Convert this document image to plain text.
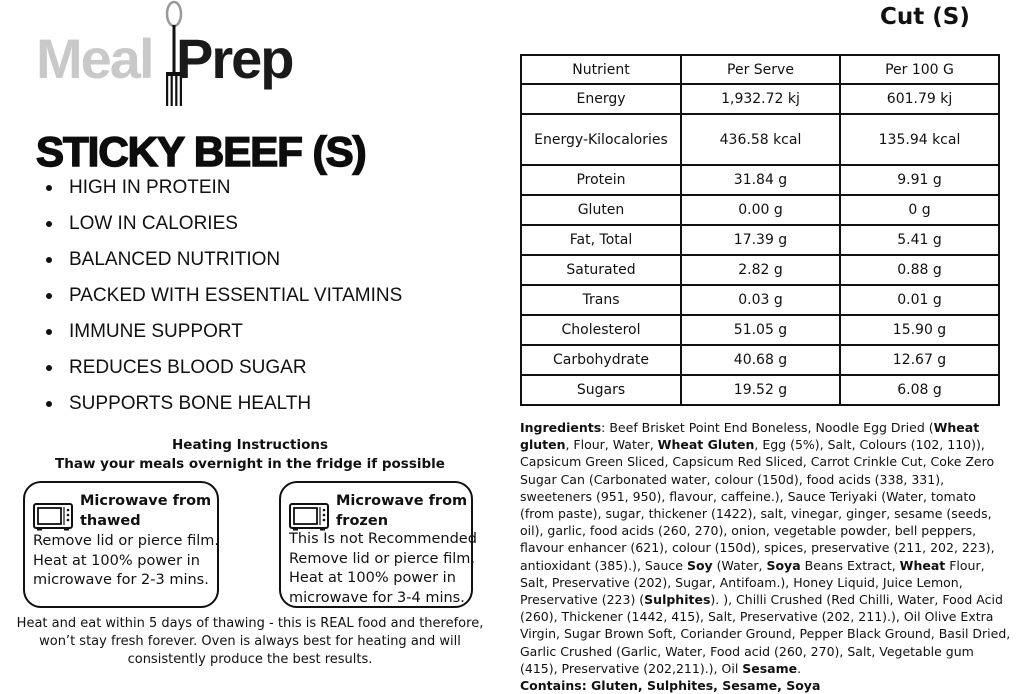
Meal Prep
STICKY BEEF (S)
HIGH IN PROTEIN
LOW IN CALORIES
BALANCED NUTRITION
PACKED WITH ESSENTIAL VITAMINS
IMMUNE SUPPORT
REDUCES BLOOD SUGAR
SUPPORTS BONE HEALTH
Heating Instructions
Thaw your meals overnight in the fridge if possible
Microwave from
thawed
Remove lid or pierce film.
Heat at 100% power in
microwave for 2-3 mins.
Microwave from
frozen
This Is not Recommended
Remove lid or pierce film.
Heat at 100% power in
microwave for 3-4 mins.
Heat and eat within 5 days of thawing - this is REAL food and therefore,
won’t stay fresh forever. Oven is always best for heating and will
consistently produce the best results.
Cut (S)
Nutrient	Per Serve	Per 100 G
Energy	1,932.72 kj	601.79 kj
Energy-Kilocalories	436.58 kcal	135.94 kcal
Protein	31.84 g	9.91 g
Gluten	0.00 g	0 g
Fat, Total	17.39 g	5.41 g
Saturated	2.82 g	0.88 g
Trans	0.03 g	0.01 g
Cholesterol	51.05 g	15.90 g
Carbohydrate	40.68 g	12.67 g
Sugars	19.52 g	6.08 g
Ingredients: Beef Brisket Point End Boneless, Noodle Egg Dried (Wheat gluten, Flour, Water, Wheat Gluten, Egg (5%), Salt, Colours (102, 110)), Capsicum Green Sliced, Capsicum Red Sliced, Carrot Crinkle Cut, Coke Zero Sugar Can (Carbonated water, colour (150d), food acids (338, 331), sweeteners (951, 950), flavour, caffeine.), Sauce Teriyaki (Water, tomato (from paste), sugar, thickener (1422), salt, vinegar, ginger, sesame (seeds, oil), garlic, food acids (260, 270), onion, vegetable powder, bell peppers, flavour enhancer (621), colour (150d), spices, preservative (211, 202, 223), antioxidant (385).), Sauce Soy (Water, Soya Beans Extract, Wheat Flour, Salt, Preservative (202), Sugar, Antifoam.), Honey Liquid, Juice Lemon, Preservative (223) (Sulphites). ), Chilli Crushed (Red Chilli, Water, Food Acid (260), Thickener (1442, 415), Salt, Preservative (202, 211).), Oil Olive Extra Virgin, Sugar Brown Soft, Coriander Ground, Pepper Black Ground, Basil Dried, Garlic Crushed (Garlic, Water, Food acid (260, 270), Salt, Vegetable gum (415), Preservative (202,211).), Oil Sesame.
Contains: Gluten, Sulphites, Sesame, Soya
